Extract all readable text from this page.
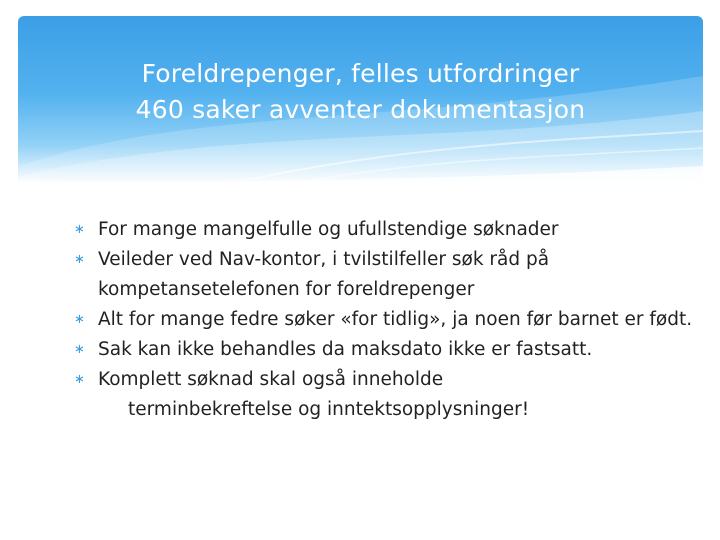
Foreldrepenger, felles utfordringer
460 saker avventer dokumentasjon
∗ For mange mangelfulle og ufullstendige søknader
∗ Veileder ved Nav-kontor, i tvilstilfeller søk råd på kompetansetelefonen for foreldrepenger
∗ Alt for mange fedre søker «for tidlig», ja noen før barnet er født.
∗ Sak kan ikke behandles da maksdato ikke er fastsatt.
∗ Komplett søknad skal også inneholde
terminbekreftelse og inntektsopplysninger!
